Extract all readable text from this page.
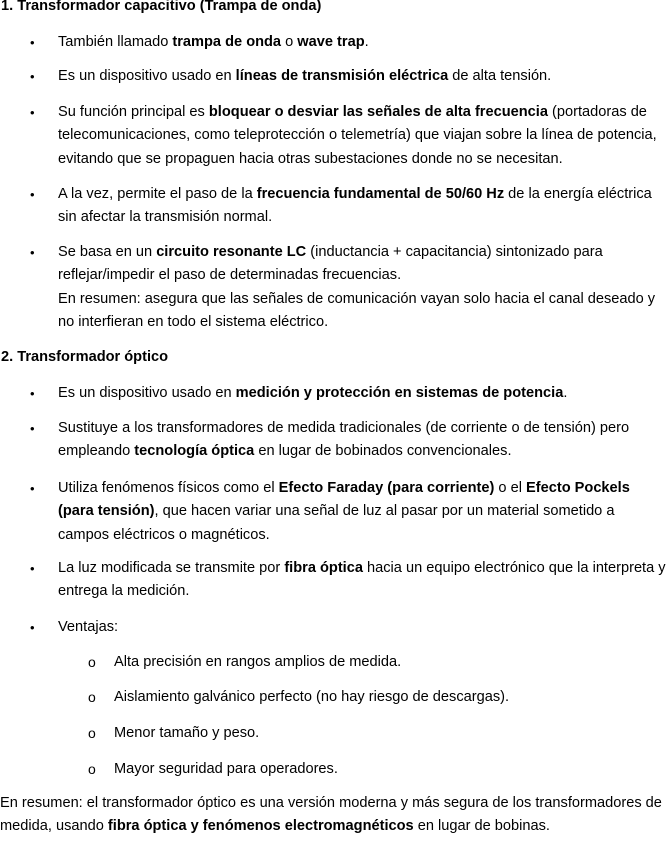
1. Transformador capacitivo (Trampa de onda)
• También llamado trampa de onda o wave trap.
• Es un dispositivo usado en líneas de transmisión eléctrica de alta tensión.
• Su función principal es bloquear o desviar las señales de alta frecuencia (portadoras de telecomunicaciones, como teleprotección o telemetría) que viajan sobre la línea de potencia, evitando que se propaguen hacia otras subestaciones donde no se necesitan.
• A la vez, permite el paso de la frecuencia fundamental de 50/60 Hz de la energía eléctrica sin afectar la transmisión normal.
• Se basa en un circuito resonante LC (inductancia + capacitancia) sintonizado para reflejar/impedir el paso de determinadas frecuencias.
En resumen: asegura que las señales de comunicación vayan solo hacia el canal deseado y no interfieran en todo el sistema eléctrico.
2. Transformador óptico
• Es un dispositivo usado en medición y protección en sistemas de potencia.
• Sustituye a los transformadores de medida tradicionales (de corriente o de tensión) pero empleando tecnología óptica en lugar de bobinados convencionales.
• Utiliza fenómenos físicos como el Efecto Faraday (para corriente) o el Efecto Pockels (para tensión), que hacen variar una señal de luz al pasar por un material sometido a campos eléctricos o magnéticos.
• La luz modificada se transmite por fibra óptica hacia un equipo electrónico que la interpreta y entrega la medición.
• Ventajas:
o Alta precisión en rangos amplios de medida.
o Aislamiento galvánico perfecto (no hay riesgo de descargas).
o Menor tamaño y peso.
o Mayor seguridad para operadores.
En resumen: el transformador óptico es una versión moderna y más segura de los transformadores de medida, usando fibra óptica y fenómenos electromagnéticos en lugar de bobinas.
